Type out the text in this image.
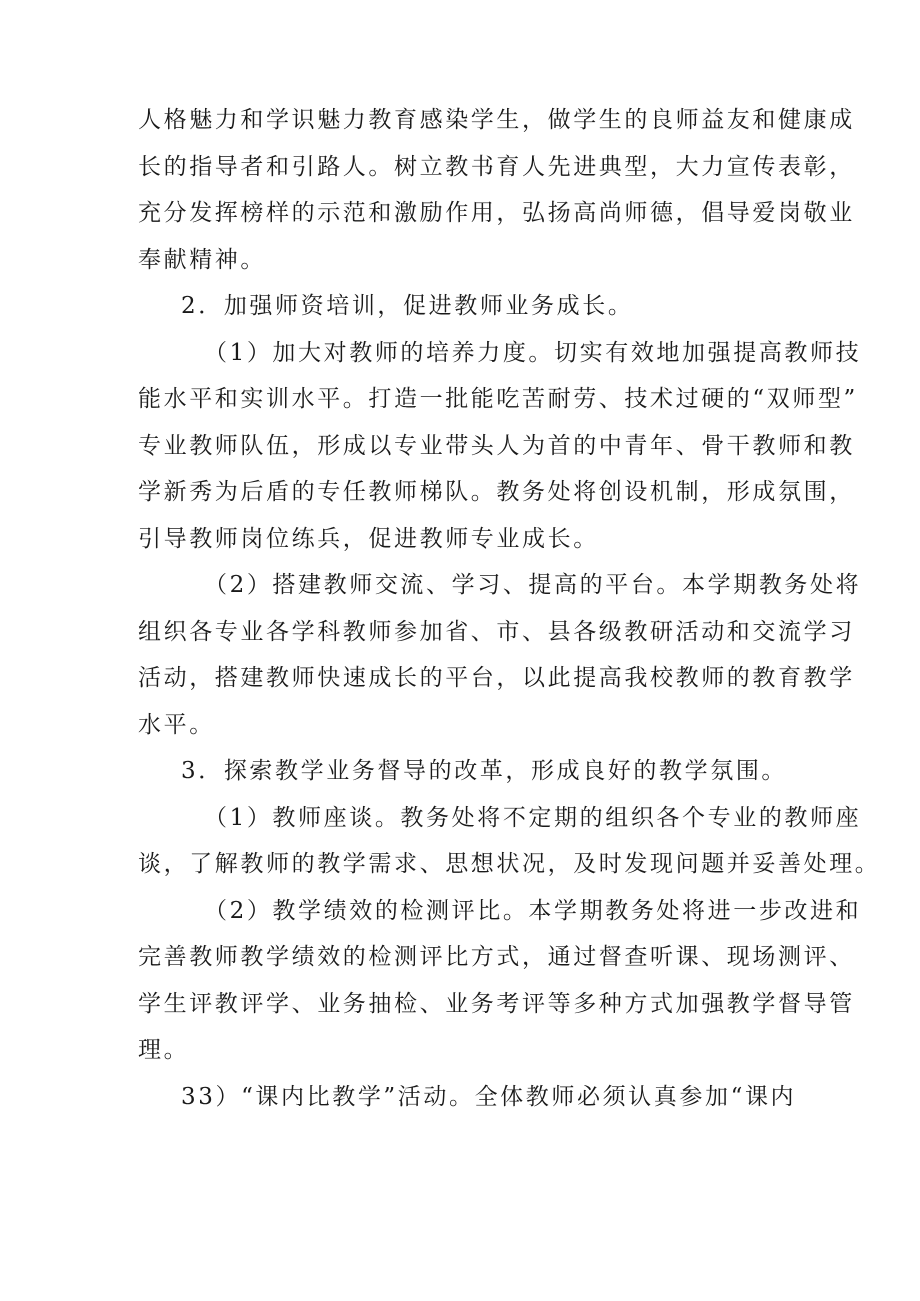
人格魅力和学识魅力教育感染学生，做学生的良师益友和健康成
长的指导者和引路人。树立教书育人先进典型，大力宣传表彰，
充分发挥榜样的示范和激励作用，弘扬高尚师德，倡导爱岗敬业
奉献精神。
2．加强师资培训，促进教师业务成长。
（1）加大对教师的培养力度。切实有效地加强提高教师技
能水平和实训水平。打造一批能吃苦耐劳、技术过硬的“双师型”
专业教师队伍，形成以专业带头人为首的中青年、骨干教师和教
学新秀为后盾的专任教师梯队。教务处将创设机制，形成氛围，
引导教师岗位练兵，促进教师专业成长。
（2）搭建教师交流、学习、提高的平台。本学期教务处将
组织各专业各学科教师参加省、市、县各级教研活动和交流学习
活动，搭建教师快速成长的平台，以此提高我校教师的教育教学
水平。
3．探索教学业务督导的改革，形成良好的教学氛围。
（1）教师座谈。教务处将不定期的组织各个专业的教师座
谈，了解教师的教学需求、思想状况，及时发现问题并妥善处理。
（2）教学绩效的检测评比。本学期教务处将进一步改进和
完善教师教学绩效的检测评比方式，通过督查听课、现场测评、
学生评教评学、业务抽检、业务考评等多种方式加强教学督导管
理。
33）“课内比教学”活动。全体教师必须认真参加“课内
